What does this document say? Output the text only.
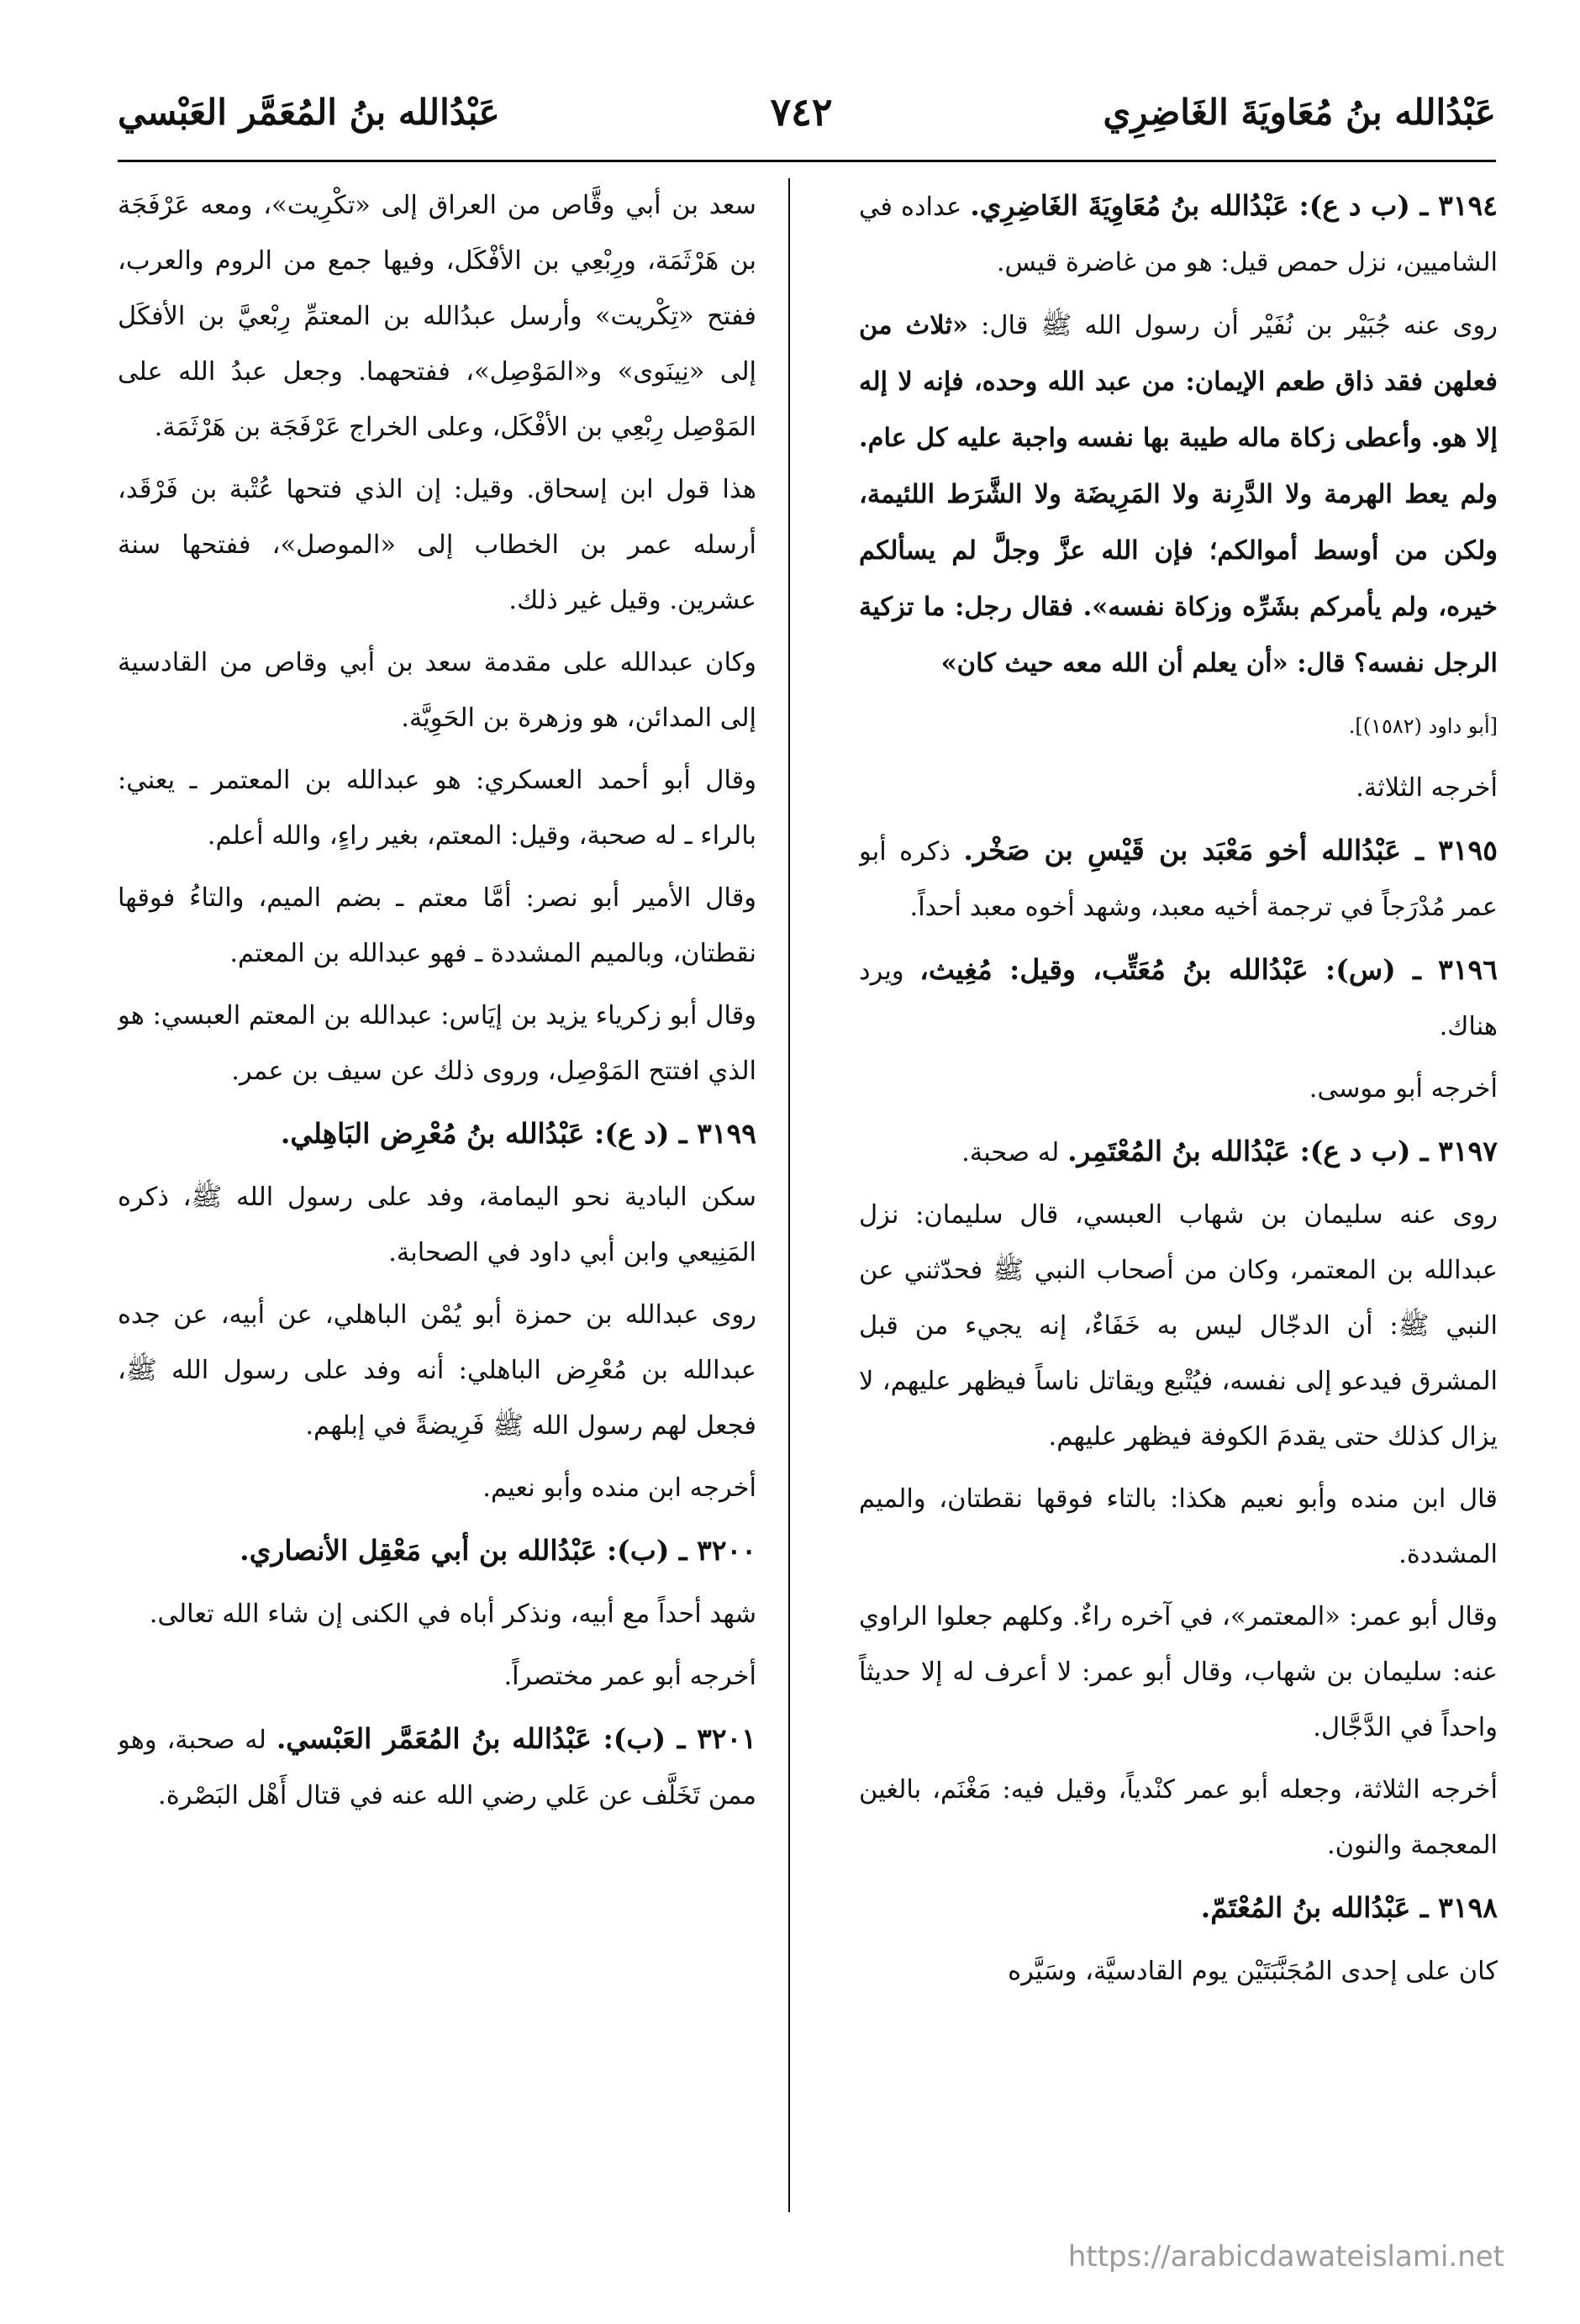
عَبْدُالله بنُ مُعَاويَةَ الغَاضِرِي
٧٤٢
عَبْدُالله بنُ المُعَمَّر العَبْسي

٣١٩٤ ـ (ب د ع): عَبْدُالله بنُ مُعَاوِيَةَ الغَاضِرِي. عداده في الشاميين، نزل حمص قيل: هو من غاضرة قيس.

روى عنه جُبَيْر بن نُفَيْر أن رسول الله ﷺ قال: «ثلاث من فعلهن فقد ذاق طعم الإيمان: من عبد الله وحده، فإنه لا إله إلا هو. وأعطى زكاة ماله طيبة بها نفسه واجبة عليه كل عام. ولم يعط الهرمة ولا الدَّرِنة ولا المَرِيضَة ولا الشَّرَط اللئيمة، ولكن من أوسط أموالكم؛ فإن الله عزَّ وجلَّ لم يسألكم خيره، ولم يأمركم بشَرِّه وزكاة نفسه». فقال رجل: ما تزكية الرجل نفسه؟ قال: «أن يعلم أن الله معه حيث كان»

[أبو داود (١٥٨٢)].

أخرجه الثلاثة.

٣١٩٥ ـ عَبْدُالله أخو مَعْبَد بن قَيْسِ بن صَخْر. ذكره أبو عمر مُدْرَجاً في ترجمة أخيه معبد، وشهد أخوه معبد أحداً.

٣١٩٦ ـ (س): عَبْدُالله بنُ مُعَتِّب، وقيل: مُغِيث، ويرد هناك.

أخرجه أبو موسى.

٣١٩٧ ـ (ب د ع): عَبْدُالله بنُ المُعْتَمِر. له صحبة.

روى عنه سليمان بن شهاب العبسي، قال سليمان: نزل عبدالله بن المعتمر، وكان من أصحاب النبي ﷺ فحدّثني عن النبي ﷺ: أن الدجّال ليس به خَفَاءٌ، إنه يجيء من قبل المشرق فيدعو إلى نفسه، فيُتْبع ويقاتل ناساً فيظهر عليهم، لا يزال كذلك حتى يقدمَ الكوفة فيظهر عليهم.

قال ابن منده وأبو نعيم هكذا: بالتاء فوقها نقطتان، والميم المشددة.

وقال أبو عمر: «المعتمر»، في آخره راءٌ. وكلهم جعلوا الراوي عنه: سليمان بن شهاب، وقال أبو عمر: لا أعرف له إلا حديثاً واحداً في الدَّجَّال.

أخرجه الثلاثة، وجعله أبو عمر كنْدياً، وقيل فيه: مَغْنَم، بالغين المعجمة والنون.

٣١٩٨ ـ عَبْدُالله بنُ المُعْتَمّ.

كان على إحدى المُجَنَّبَتَيْن يوم القادسيَّة، وسَيَّره

سعد بن أبي وقَّاص من العراق إلى «تكْرِيت»، ومعه عَرْفَجَة بن هَرْثَمَة، ورِبْعِي بن الأفْكَل، وفيها جمع من الروم والعرب، ففتح «تِكْريت» وأرسل عبدُالله بن المعتمِّ رِبْعيَّ بن الأفكَل إلى «نِينَوى» و«المَوْصِل»، ففتحهما. وجعل عبدُ الله على المَوْصِل رِبْعِي بن الأفْكَل، وعلى الخراج عَرْفَجَة بن هَرْثَمَة.

هذا قول ابن إسحاق. وقيل: إن الذي فتحها عُتْبة بن فَرْقَد، أرسله عمر بن الخطاب إلى «الموصل»، ففتحها سنة عشرين. وقيل غير ذلك.

وكان عبدالله على مقدمة سعد بن أبي وقاص من القادسية إلى المدائن، هو وزهرة بن الحَوِيَّة.

وقال أبو أحمد العسكري: هو عبدالله بن المعتمر ـ يعني: بالراء ـ له صحبة، وقيل: المعتم، بغير راءٍ، والله أعلم.

وقال الأمير أبو نصر: أمَّا معتم ـ بضم الميم، والتاءُ فوقها نقطتان، وبالميم المشددة ـ فهو عبدالله بن المعتم.

وقال أبو زكرياء يزيد بن إيَاس: عبدالله بن المعتم العبسي: هو الذي افتتح المَوْصِل، وروى ذلك عن سيف بن عمر.

٣١٩٩ ـ (د ع): عَبْدُالله بنُ مُعْرِض البَاهِلي.

سكن البادية نحو اليمامة، وفد على رسول الله ﷺ، ذكره المَنِيعي وابن أبي داود في الصحابة.

روى عبدالله بن حمزة أبو يُمْن الباهلي، عن أبيه، عن جده عبدالله بن مُعْرِض الباهلي: أنه وفد على رسول الله ﷺ، فجعل لهم رسول الله ﷺ فَرِيضةً في إبلهم.

أخرجه ابن منده وأبو نعيم.

٣٢٠٠ ـ (ب): عَبْدُالله بن أبي مَعْقِل الأنصاري.

شهد أحداً مع أبيه، ونذكر أباه في الكنى إن شاء الله تعالى.

أخرجه أبو عمر مختصراً.

٣٢٠١ ـ (ب): عَبْدُالله بنُ المُعَمَّر العَبْسي. له صحبة، وهو ممن تَخَلَّف عن عَلي رضي الله عنه في قتال أَهْل البَصْرة.

https://arabicdawateislami.net
